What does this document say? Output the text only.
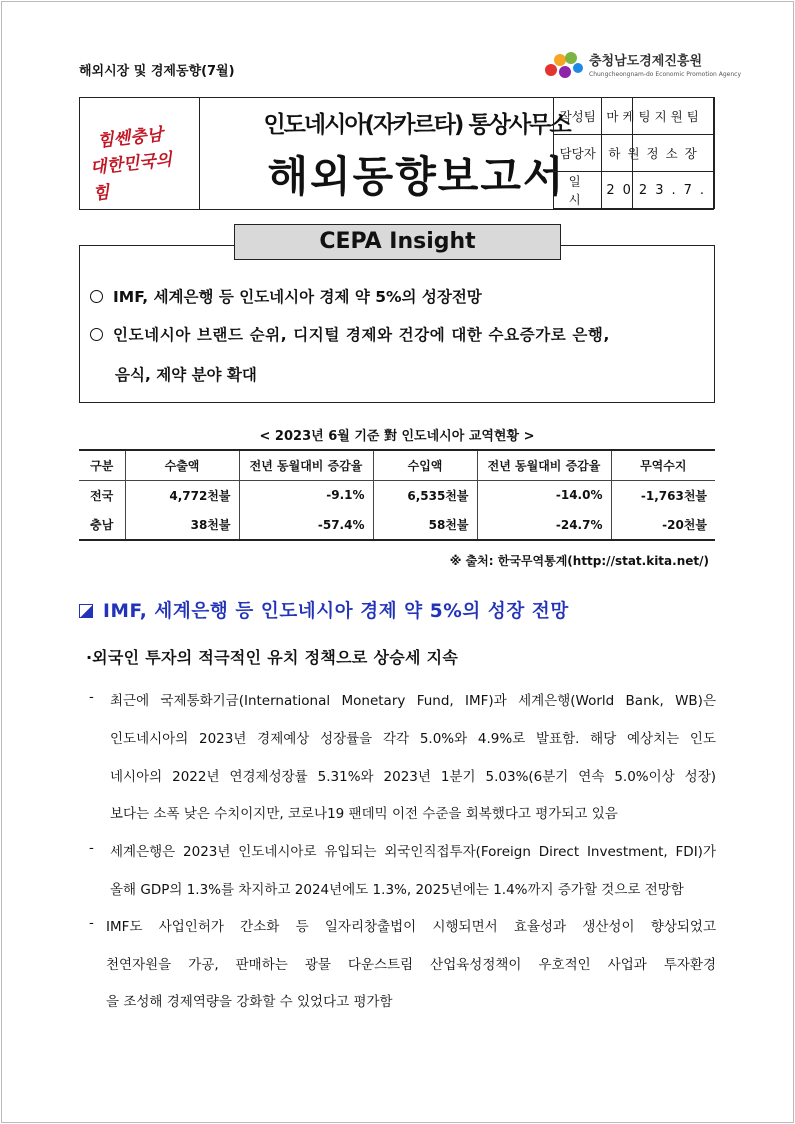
해외시장 및 경제동향(7월)
충청남도경제진흥원
Chungcheongnam-do Economic Promotion Agency
힘쎈충남
대한민국의 힘
인도네시아(자카르타) 통상사무소
해외동향보고서
작성팀	마케팅지원팀
담당자	하원정소장
일 시	2023.7.
CEPA Insight
IMF, 세계은행 등 인도네시아 경제 약 5%의 성장전망
인도네시아 브랜드 순위, 디지털 경제와 건강에 대한 수요증가로 은행,
음식, 제약 분야 확대
< 2023년 6월 기준 對 인도네시아 교역현황 >
구분	수출액	전년 동월대비 증감율	수입액	전년 동월대비 증감율	무역수지
전국	4,772천불	-9.1%	6,535천불	-14.0%	-1,763천불
충남	38천불	-57.4%	58천불	-24.7%	-20천불
※ 출처: 한국무역통계(http://stat.kita.net/)
IMF, 세계은행 등 인도네시아 경제 약 5%의 성장 전망
·외국인 투자의 적극적인 유치 정책으로 상승세 지속
- 최근에 국제통화기금(International Monetary Fund, IMF)과 세계은행(World Bank, WB)은
인도네시아의 2023년 경제예상 성장률을 각각 5.0%와 4.9%로 발표함. 해당 예상치는 인도
네시아의 2022년 연경제성장률 5.31%와 2023년 1분기 5.03%(6분기 연속 5.0%이상 성장)
보다는 소폭 낮은 수치이지만, 코로나19 팬데믹 이전 수준을 회복했다고 평가되고 있음
- 세계은행은 2023년 인도네시아로 유입되는 외국인직접투자(Foreign Direct Investment, FDI)가
올해 GDP의 1.3%를 차지하고 2024년에도 1.3%, 2025년에는 1.4%까지 증가할 것으로 전망함
- IMF도 사업인허가 간소화 등 일자리창출법이 시행되면서 효율성과 생산성이 향상되었고
천연자원을 가공, 판매하는 광물 다운스트림 산업육성정책이 우호적인 사업과 투자환경
을 조성해 경제역량을 강화할 수 있었다고 평가함
